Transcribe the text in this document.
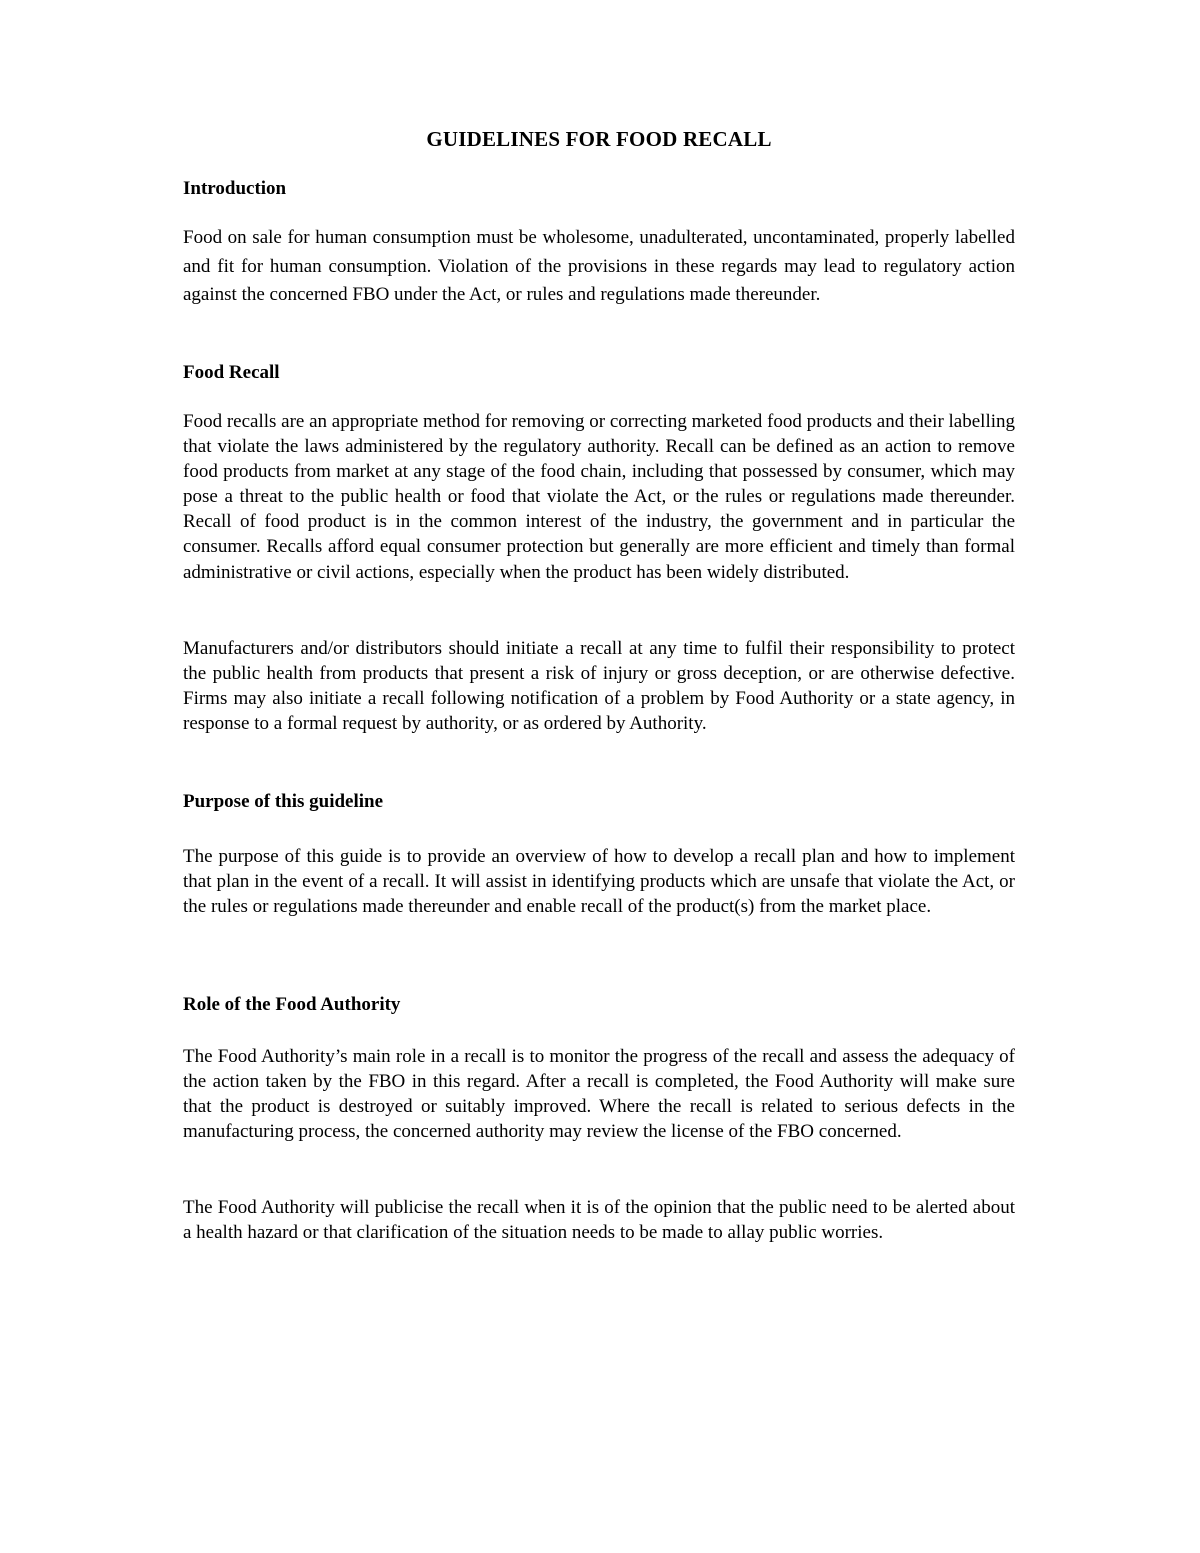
GUIDELINES FOR FOOD RECALL
Introduction

Food on sale for human consumption must be wholesome, unadulterated, uncontaminated, properly labelled and fit for human consumption. Violation of the provisions in these regards may lead to regulatory action against the concerned FBO under the Act, or rules and regulations made thereunder.

Food Recall

Food recalls are an appropriate method for removing or correcting marketed food products and their labelling that violate the laws administered by the regulatory authority. Recall can be defined as an action to remove food products from market at any stage of the food chain, including that possessed by consumer, which may pose a threat to the public health or food that violate the Act, or the rules or regulations made thereunder. Recall of food product is in the common interest of the industry, the government and in particular the consumer. Recalls afford equal consumer protection but generally are more efficient and timely than formal administrative or civil actions, especially when the product has been widely distributed.

Manufacturers and/or distributors should initiate a recall at any time to fulfil their responsibility to protect the public health from products that present a risk of injury or gross deception, or are otherwise defective. Firms may also initiate a recall following notification of a problem by Food Authority or a state agency, in response to a formal request by authority, or as ordered by Authority.

Purpose of this guideline

The purpose of this guide is to provide an overview of how to develop a recall plan and how to implement that plan in the event of a recall. It will assist in identifying products which are unsafe that violate the Act, or the rules or regulations made thereunder and enable recall of the product(s) from the market place.

Role of the Food Authority

The Food Authority’s main role in a recall is to monitor the progress of the recall and assess the adequacy of the action taken by the FBO in this regard. After a recall is completed, the Food Authority will make sure that the product is destroyed or suitably improved. Where the recall is related to serious defects in the manufacturing process, the concerned authority may review the license of the FBO concerned.

The Food Authority will publicise the recall when it is of the opinion that the public need to be alerted about a health hazard or that clarification of the situation needs to be made to allay public worries.
